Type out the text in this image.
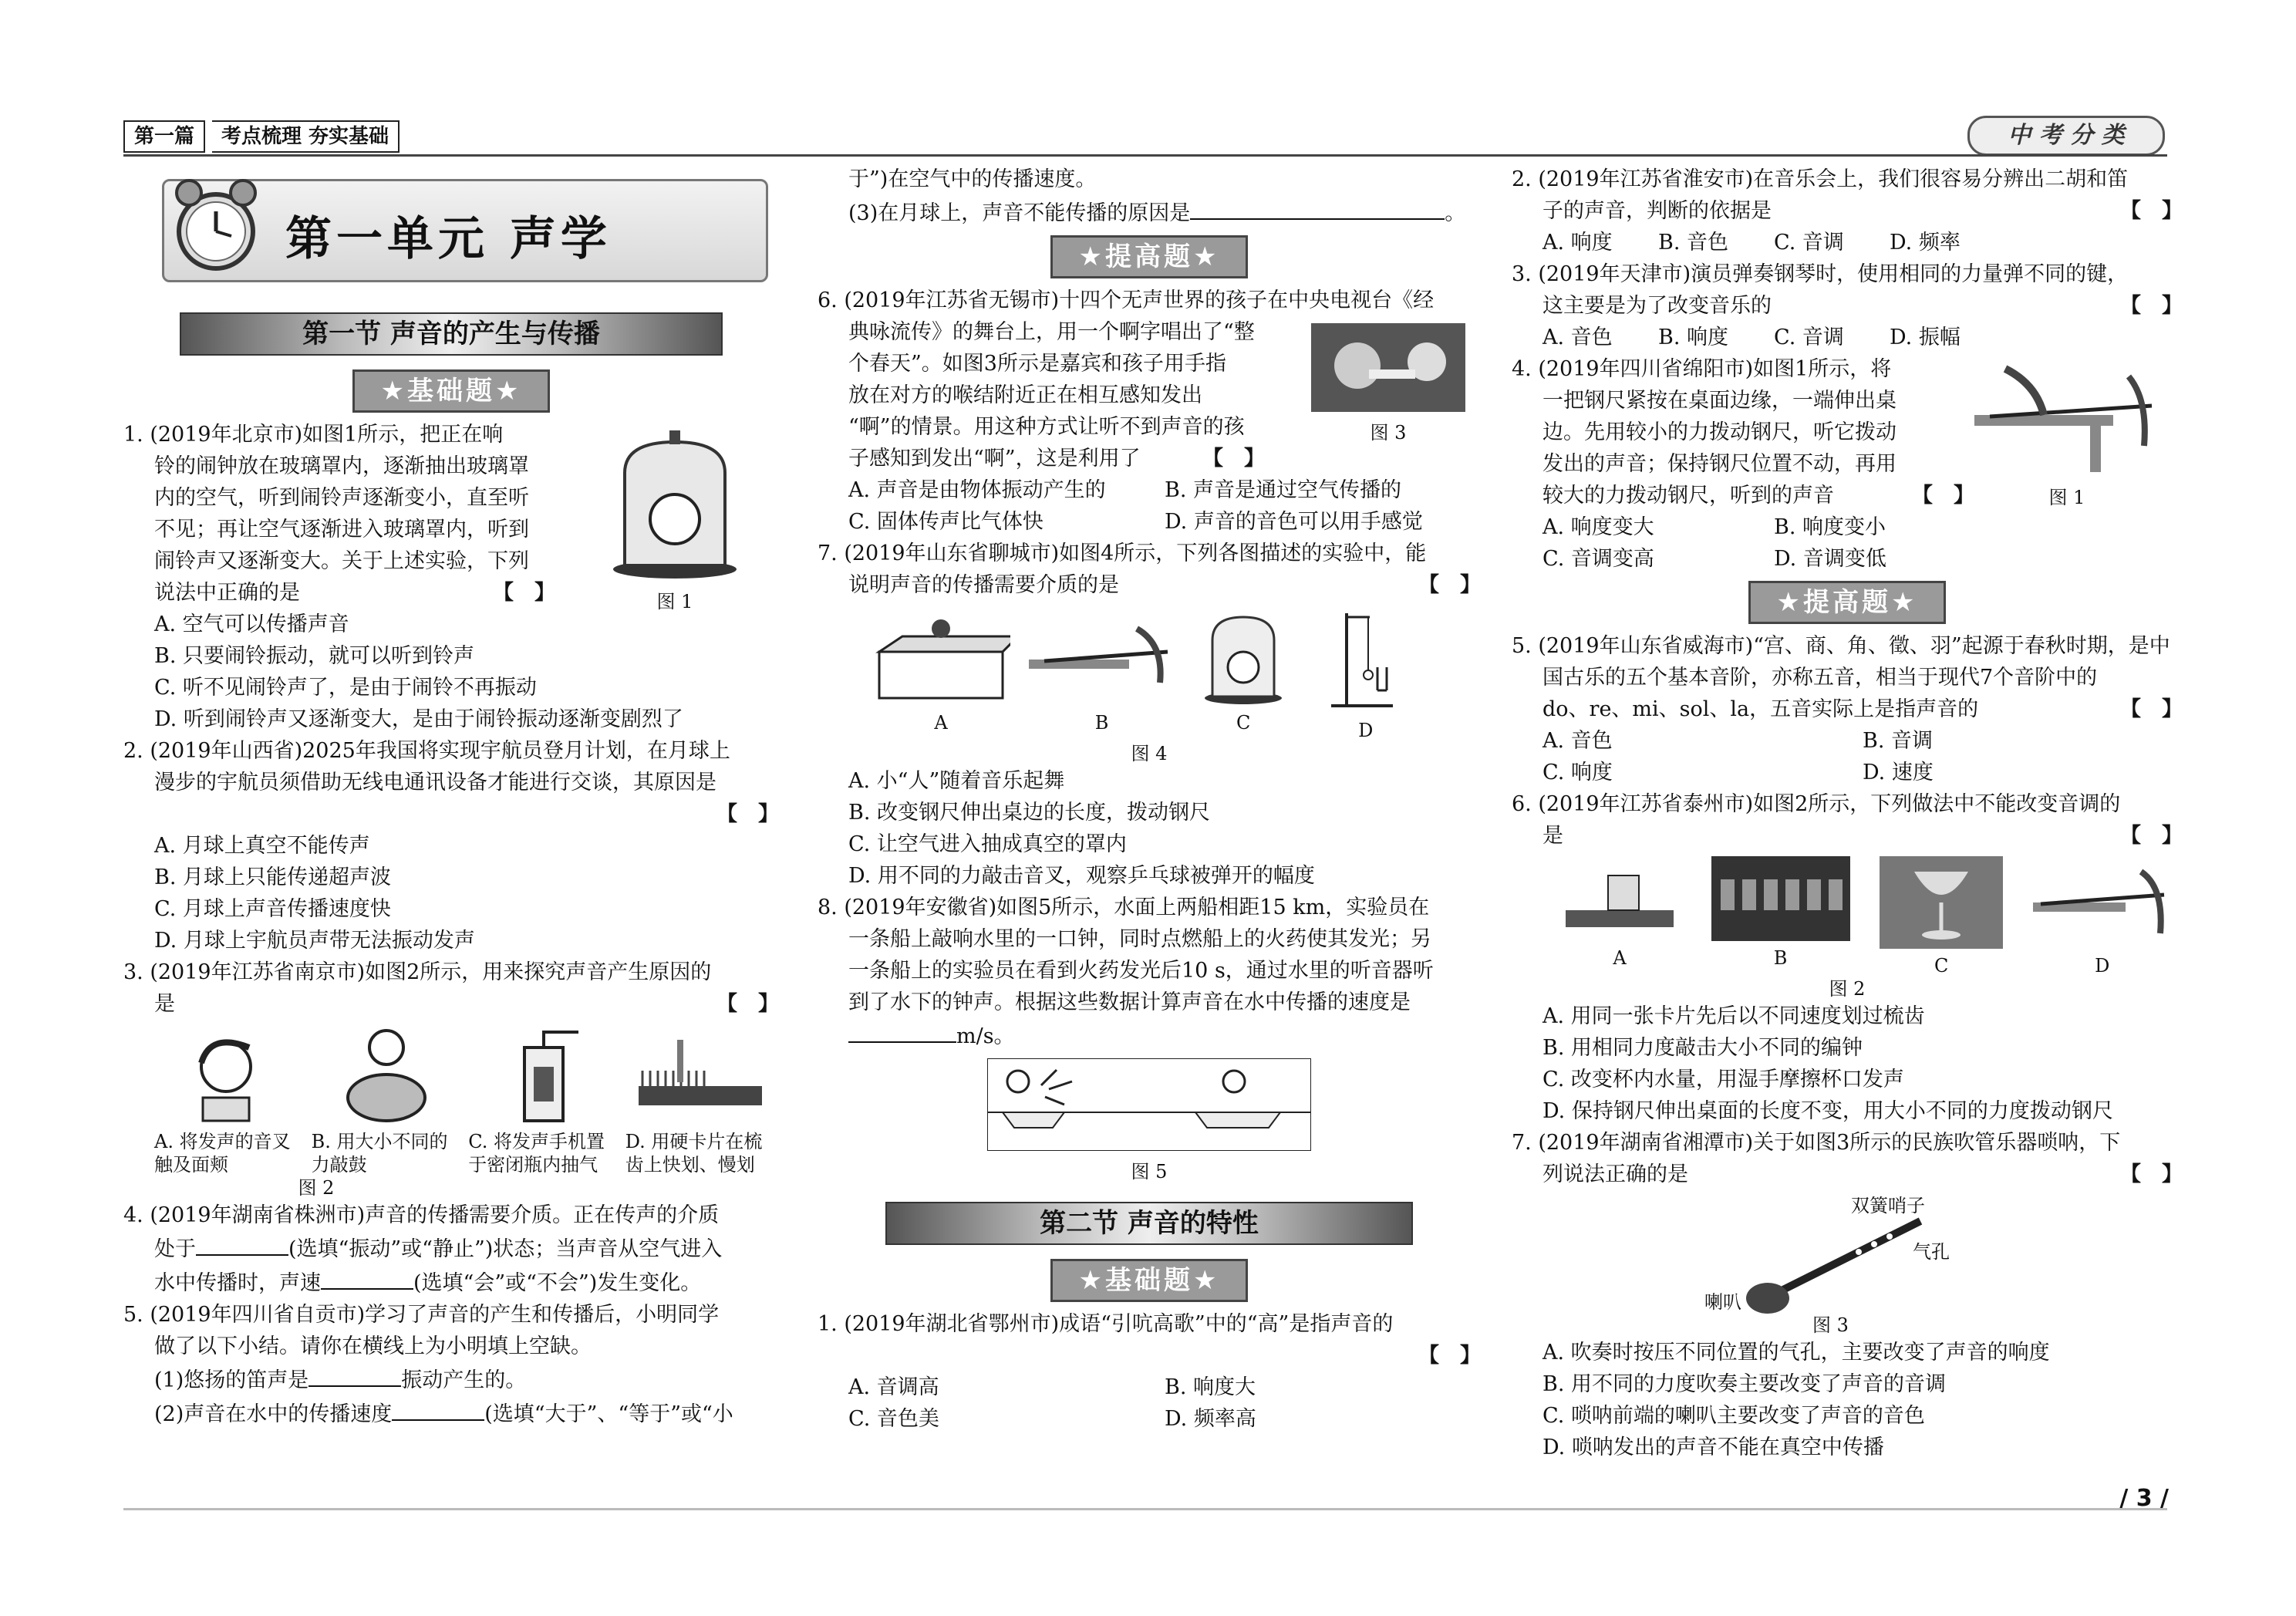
第一篇	考点梳理 夯实基础	中 考 分 类
第一单元 声学
第一节 声音的产生与传播
★基础题★

1. (2019年北京市)如图1所示，把正在响

铃的闹钟放在玻璃罩内，逐渐抽出玻璃罩

内的空气，听到闹铃声逐渐变小，直至听

不见；再让空气逐渐进入玻璃罩内，听到

闹铃声又逐渐变大。关于上述实验，下列

说法中正确的是	【　】	图 1

A. 空气可以传播声音

B. 只要闹铃振动，就可以听到铃声

C. 听不见闹铃声了，是由于闹铃不再振动

D. 听到闹铃声又逐渐变大，是由于闹铃振动逐渐变剧烈了

2. (2019年山西省)2025年我国将实现宇航员登月计划，在月球上

漫步的宇航员须借助无线电通讯设备才能进行交谈，其原因是

【　】

A. 月球上真空不能传声

B. 月球上只能传递超声波

C. 月球上声音传播速度快

D. 月球上宇航员声带无法振动发声

3. (2019年江苏省南京市)如图2所示，用来探究声音产生原因的

是	【　】

A. 将发声的音叉触及面颊

B. 用大小不同的力敲鼓

C. 将发声手机置于密闭瓶内抽气

D. 用硬卡片在梳齿上快划、慢划
图 2

4. (2019年湖南省株洲市)声音的传播需要介质。正在传声的介质

处于	(选填“振动”或“静止”)状态；当声音从空气进入

水中传播时，声速	(选填“会”或“不会”)发生变化。

5. (2019年四川省自贡市)学习了声音的产生和传播后，小明同学

做了以下小结。请你在横线上为小明填上空缺。

(1)悠扬的笛声是	振动产生的。

(2)声音在水中的传播速度	(选填“大于”、“等于”或“小

于”)在空气中的传播速度。

(3)在月球上，声音不能传播的原因是	。

★提高题★

6. (2019年江苏省无锡市)十四个无声世界的孩子在中央电视台《经

典咏流传》的舞台上，用一个啊字唱出了“整

个春天”。如图3所示是嘉宾和孩子用手指

放在对方的喉结附近正在相互感知发出

“啊”的情景。用这种方式让听不到声音的孩

子感知到发出“啊”，这是利用了	【　】

图 3
A. 声音是由物体振动产生的	B. 声音是通过空气传播的
C. 固体传声比气体快	D. 声音的音色可以用手感觉

7. (2019年山东省聊城市)如图4所示，下列各图描述的实验中，能

说明声音的传播需要介质的是	【　】

A
	B
	C
	D
图 4

A. 小“人”随着音乐起舞

B. 改变钢尺伸出桌边的长度，拨动钢尺

C. 让空气进入抽成真空的罩内

D. 用不同的力敲击音叉，观察乒乓球被弹开的幅度

8. (2019年安徽省)如图5所示，水面上两船相距15 km，实验员在

一条船上敲响水里的一口钟，同时点燃船上的火药使其发光；另

一条船上的实验员在看到火药发光后10 s，通过水里的听音器听

到了水下的钟声。根据这些数据计算声音在水中传播的速度是

m/s。

图 5
第二节 声音的特性
★基础题★

1. (2019年湖北省鄂州市)成语“引吭高歌”中的“高”是指声音的

【　】

A. 音调高	B. 响度大
C. 音色美	D. 频率高

2. (2019年江苏省淮安市)在音乐会上，我们很容易分辨出二胡和笛

子的声音，判断的依据是	【　】

A. 响度	B. 音色	C. 音调	D. 频率

3. (2019年天津市)演员弹奏钢琴时，使用相同的力量弹不同的键，

这主要是为了改变音乐的	【　】

A. 音色	B. 响度	C. 音调	D. 振幅

4. (2019年四川省绵阳市)如图1所示，将

一把钢尺紧按在桌面边缘，一端伸出桌

边。先用较小的力拨动钢尺，听它拨动

发出的声音；保持钢尺位置不动，再用

较大的力拨动钢尺，听到的声音	【　】	图 1
A. 响度变大	B. 响度变小
C. 音调变高	D. 音调变低
★提高题★

5. (2019年山东省威海市)“宫、商、角、徵、羽”起源于春秋时期，是中

国古乐的五个基本音阶，亦称五音，相当于现代7个音阶中的

do、re、mi、sol、la，五音实际上是指声音的	【　】

A. 音色	B. 音调
C. 响度	D. 速度

6. (2019年江苏省泰州市)如图2所示，下列做法中不能改变音调的

是	【　】

A
	B
	C
	D
图 2

A. 用同一张卡片先后以不同速度划过梳齿

B. 用相同力度敲击大小不同的编钟

C. 改变杯内水量，用湿手摩擦杯口发声

D. 保持钢尺伸出桌面的长度不变，用大小不同的力度拨动钢尺

7. (2019年湖南省湘潭市)关于如图3所示的民族吹管乐器唢呐，下

列说法正确的是	【　】

双簧哨子
气孔
喇叭
图 3

A. 吹奏时按压不同位置的气孔，主要改变了声音的响度

B. 用不同的力度吹奏主要改变了声音的音调

C. 唢呐前端的喇叭主要改变了声音的音色

D. 唢呐发出的声音不能在真空中传播

/ 3 /
